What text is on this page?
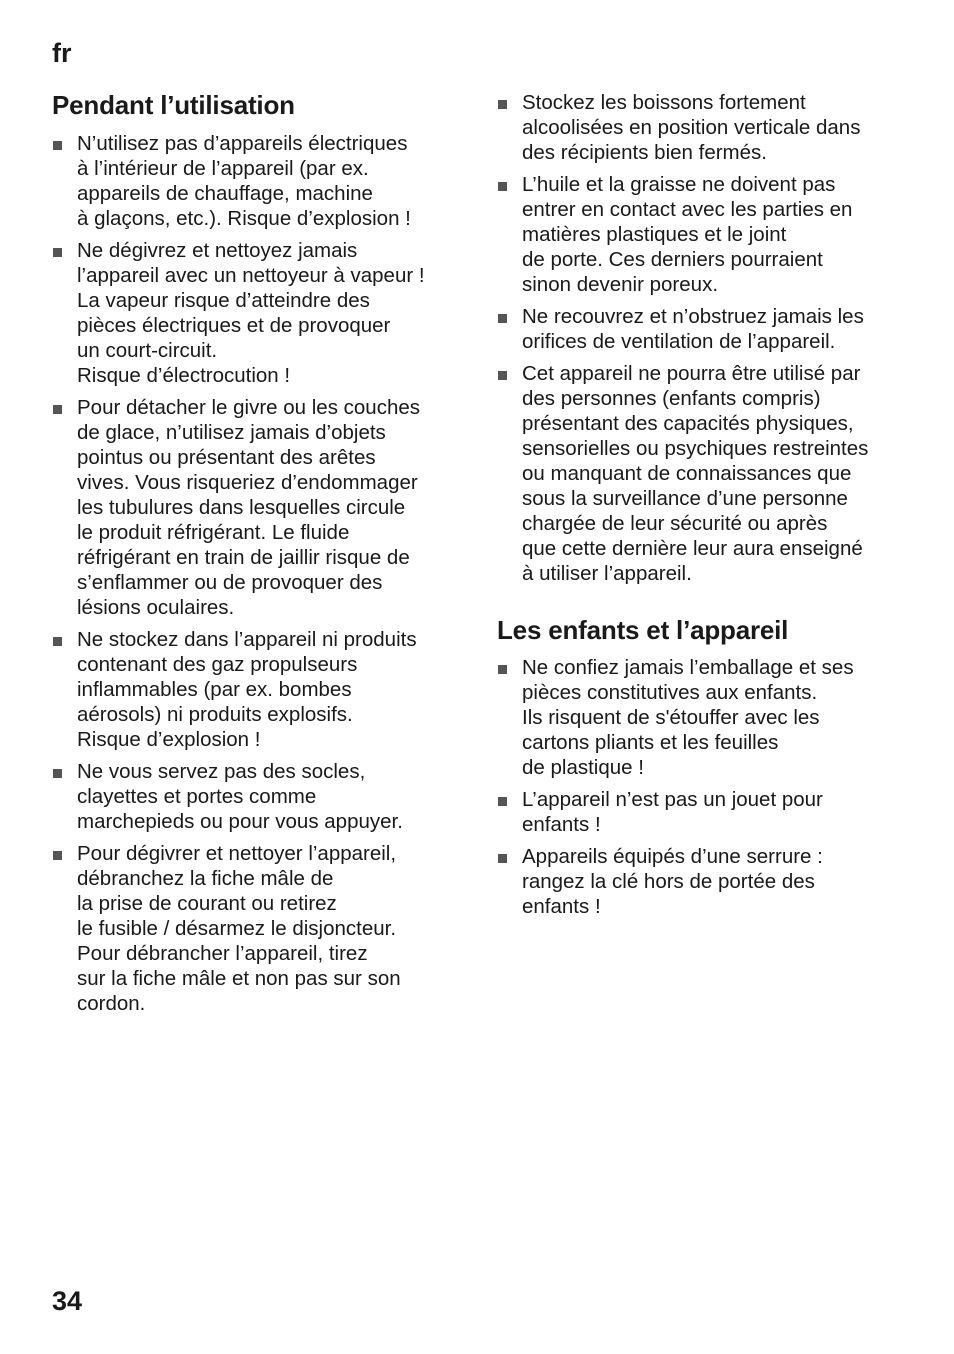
fr
Pendant l’utilisation
N’utilisez pas d’appareils électriques
à l’intérieur de l’appareil (par ex.
appareils de chauffage, machine
à glaçons, etc.). Risque d’explosion !
Ne dégivrez et nettoyez jamais
l’appareil avec un nettoyeur à vapeur !
La vapeur risque d’atteindre des
pièces électriques et de provoquer
un court-circuit.
Risque d’électrocution !
Pour détacher le givre ou les couches
de glace, n’utilisez jamais d’objets
pointus ou présentant des arêtes
vives. Vous risqueriez d’endommager
les tubulures dans lesquelles circule
le produit réfrigérant. Le fluide
réfrigérant en train de jaillir risque de
s’enflammer ou de provoquer des
lésions oculaires.
Ne stockez dans l’appareil ni produits
contenant des gaz propulseurs
inflammables (par ex. bombes
aérosols) ni produits explosifs.
Risque d’explosion !
Ne vous servez pas des socles,
clayettes et portes comme
marchepieds ou pour vous appuyer.
Pour dégivrer et nettoyer l’appareil,
débranchez la fiche mâle de
la prise de courant ou retirez
le fusible / désarmez le disjoncteur.
Pour débrancher l’appareil, tirez
sur la fiche mâle et non pas sur son
cordon.
Stockez les boissons fortement
alcoolisées en position verticale dans
des récipients bien fermés.
L’huile et la graisse ne doivent pas
entrer en contact avec les parties en
matières plastiques et le joint
de porte. Ces derniers pourraient
sinon devenir poreux.
Ne recouvrez et n’obstruez jamais les
orifices de ventilation de l’appareil.
Cet appareil ne pourra être utilisé par
des personnes (enfants compris)
présentant des capacités physiques,
sensorielles ou psychiques restreintes
ou manquant de connaissances que
sous la surveillance d’une personne
chargée de leur sécurité ou après
que cette dernière leur aura enseigné
à utiliser l’appareil.
Les enfants et l’appareil
Ne confiez jamais l’emballage et ses
pièces constitutives aux enfants.
Ils risquent de s'étouffer avec les
cartons pliants et les feuilles
de plastique !
L’appareil n’est pas un jouet pour
enfants !
Appareils équipés d’une serrure :
rangez la clé hors de portée des
enfants !
34
